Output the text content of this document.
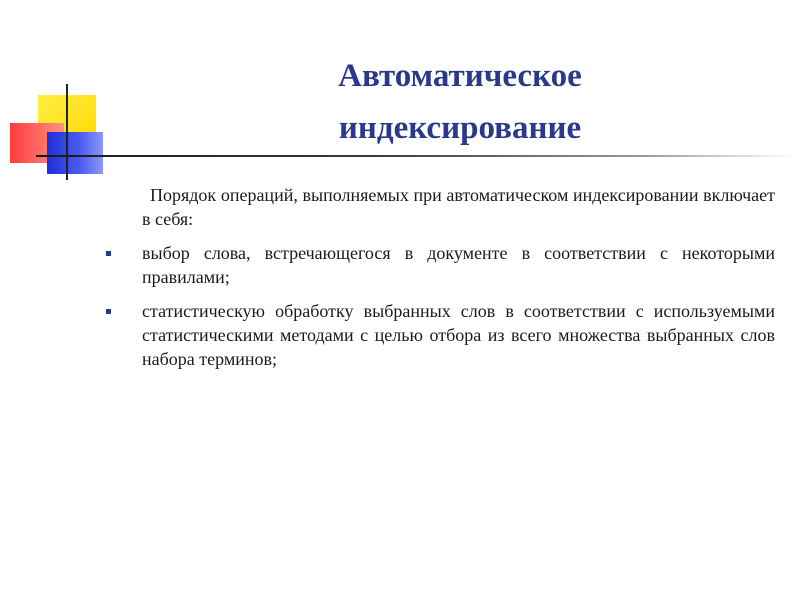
Автоматическое
индексирование
Порядок операций, выполняемых при автоматическом индексировании включает в себя:
выбор слова, встречающегося в документе в соответствии с некоторыми правилами;
статистическую обработку выбранных слов в соответствии с используемыми статистическими методами с целью отбора из всего множества выбранных слов набора терминов;
